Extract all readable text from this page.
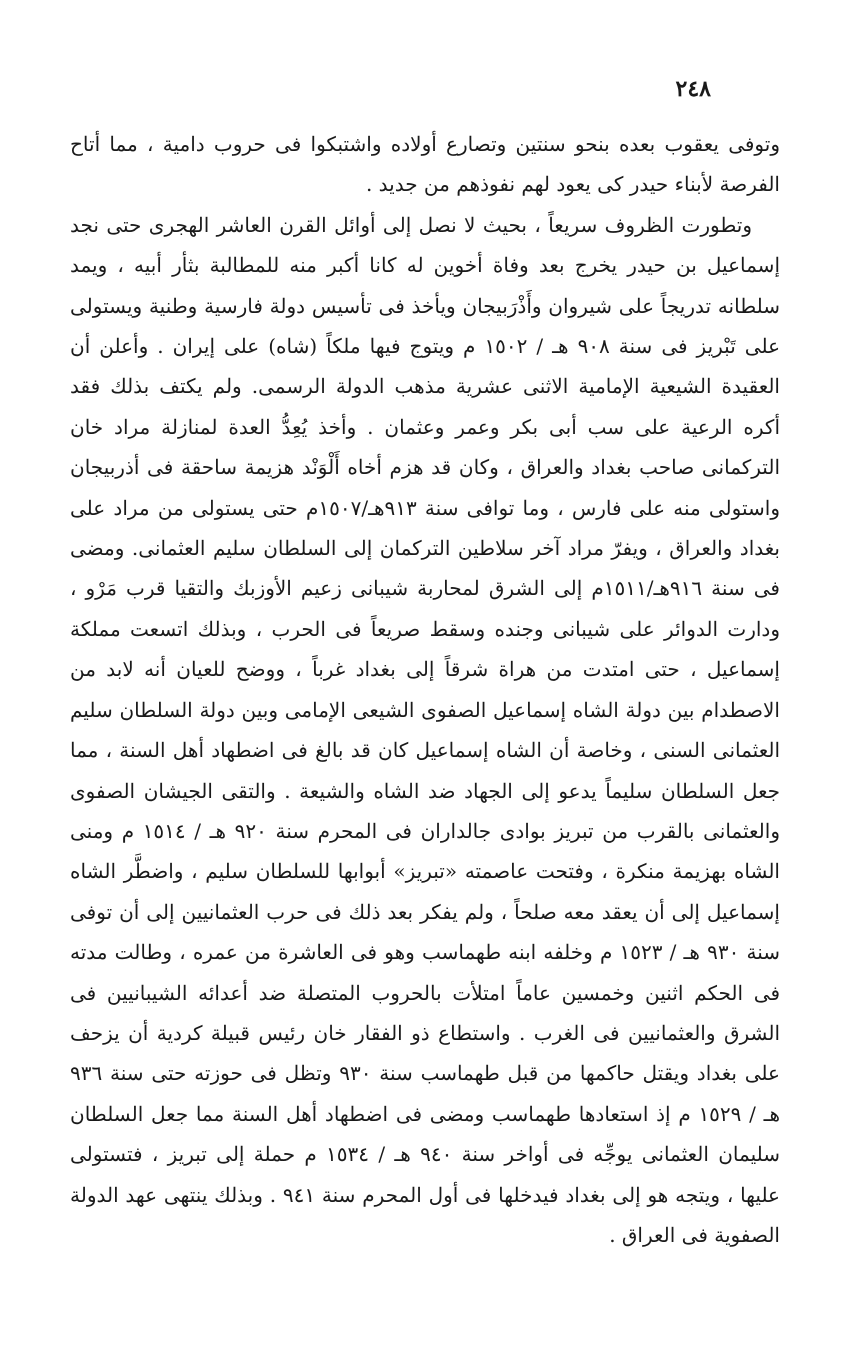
٢٤٨

وتوفى يعقوب بعده بنحو سنتين وتصارع أولاده واشتبكوا فى حروب دامية ، مما أتاح الفرصة لأبناء حيدر كى يعود لهم نفوذهم من جديد .

وتطورت الظروف سريعاً ، بحيث لا نصل إلى أوائل القرن العاشر الهجرى حتى نجد إسماعيل بن حيدر يخرج بعد وفاة أخوين له كانا أكبر منه للمطالبة بثأر أبيه ، ويمد سلطانه تدريجاً على شيروان وأَذْرَبيجان ويأخذ فى تأسيس دولة فارسية وطنية ويستولى على تَبْريز فى سنة ٩٠٨ هـ / ١٥٠٢ م ويتوج فيها ملكاً (شاه) على إيران . وأعلن أن العقيدة الشيعية الإمامية الاثنى عشرية مذهب الدولة الرسمى. ولم يكتف بذلك فقد أكره الرعية على سب أبى بكر وعمر وعثمان . وأخذ يُعِدُّ العدة لمنازلة مراد خان التركمانى صاحب بغداد والعراق ، وكان قد هزم أخاه أَلْوَنْد هزيمة ساحقة فى أذربيجان واستولى منه على فارس ، وما توافى سنة ٩١٣هـ/١٥٠٧م حتى يستولى من مراد على بغداد والعراق ، ويفرّ مراد آخر سلاطين التركمان إلى السلطان سليم العثمانى. ومضى فى سنة ٩١٦هـ/١٥١١م إلى الشرق لمحاربة شيبانى زعيم الأوزبك والتقيا قرب مَرْو ، ودارت الدوائر على شيبانى وجنده وسقط صريعاً فى الحرب ، وبذلك اتسعت مملكة إسماعيل ، حتى امتدت من هراة شرقاً إلى بغداد غرباً ، ووضح للعيان أنه لابد من الاصطدام بين دولة الشاه إسماعيل الصفوى الشيعى الإمامى وبين دولة السلطان سليم العثمانى السنى ، وخاصة أن الشاه إسماعيل كان قد بالغ فى اضطهاد أهل السنة ، مما جعل السلطان سليماً يدعو إلى الجهاد ضد الشاه والشيعة . والتقى الجيشان الصفوى والعثمانى بالقرب من تبريز بوادى جالداران فى المحرم سنة ٩٢٠ هـ / ١٥١٤ م ومنى الشاه بهزيمة منكرة ، وفتحت عاصمته «تبريز» أبوابها للسلطان سليم ، واضطَّر الشاه إسماعيل إلى أن يعقد معه صلحاً ، ولم يفكر بعد ذلك فى حرب العثمانيين إلى أن توفى سنة ٩٣٠ هـ / ١٥٢٣ م وخلفه ابنه طهماسب وهو فى العاشرة من عمره ، وطالت مدته فى الحكم اثنين وخمسين عاماً امتلأت بالحروب المتصلة ضد أعدائه الشيبانيين فى الشرق والعثمانيين فى الغرب . واستطاع ذو الفقار خان رئيس قبيلة كردية أن يزحف على بغداد ويقتل حاكمها من قبل طهماسب سنة ٩٣٠ وتظل فى حوزته حتى سنة ٩٣٦ هـ / ١٥٢٩ م إذ استعادها طهماسب ومضى فى اضطهاد أهل السنة مما جعل السلطان سليمان العثمانى يوجِّه فى أواخر سنة ٩٤٠ هـ / ١٥٣٤ م حملة إلى تبريز ، فتستولى عليها ، ويتجه هو إلى بغداد فيدخلها فى أول المحرم سنة ٩٤١ . وبذلك ينتهى عهد الدولة الصفوية فى العراق .
